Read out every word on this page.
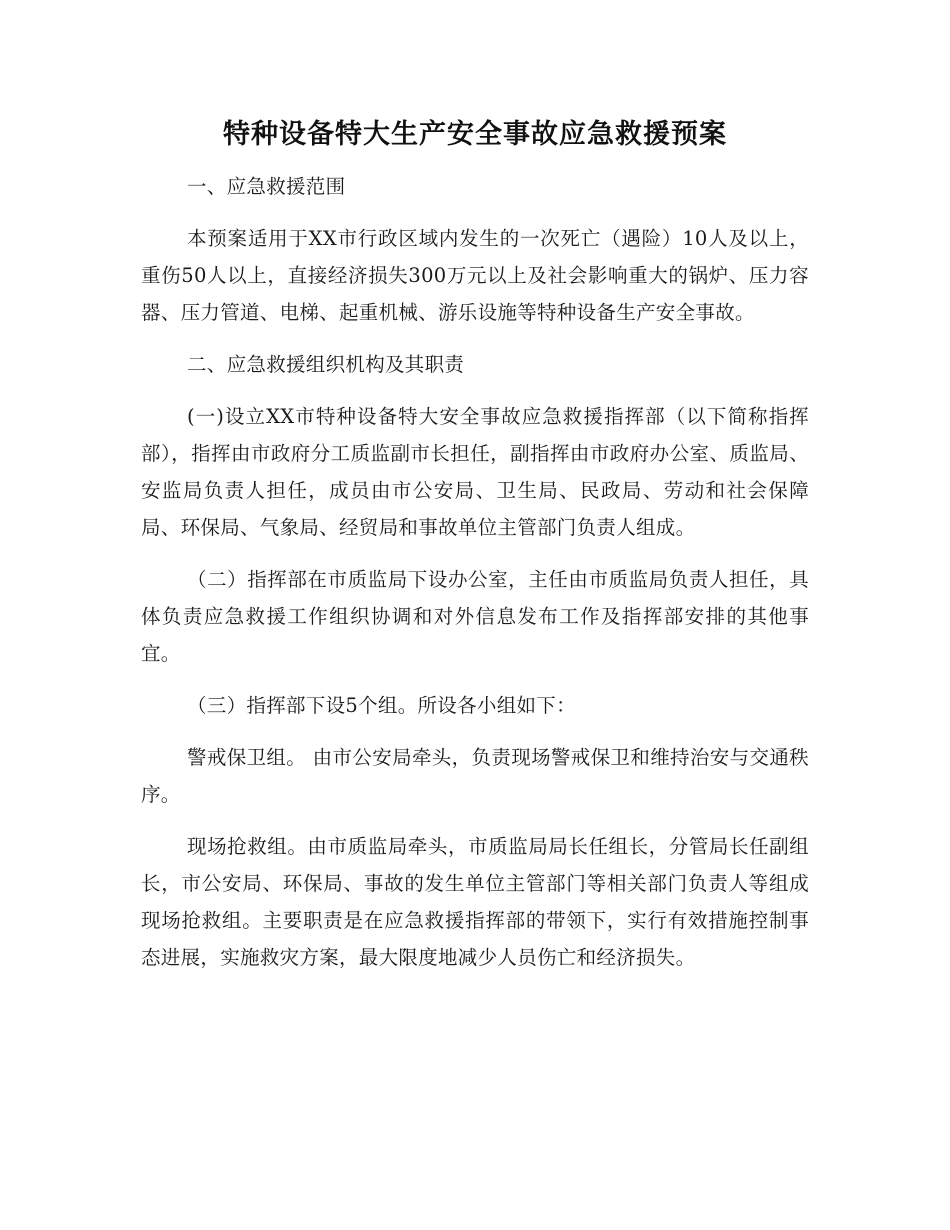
特种设备特大生产安全事故应急救援预案

一、应急救援范围

本预案适用于XX市行政区域内发生的一次死亡（遇险）10人及以上，重伤50人以上，直接经济损失300万元以上及社会影响重大的锅炉、压力容器、压力管道、电梯、起重机械、游乐设施等特种设备生产安全事故。

二、应急救援组织机构及其职责

(一)设立XX市特种设备特大安全事故应急救援指挥部（以下简称指挥部），指挥由市政府分工质监副市长担任，副指挥由市政府办公室、质监局、安监局负责人担任，成员由市公安局、卫生局、民政局、劳动和社会保障局、环保局、气象局、经贸局和事故单位主管部门负责人组成。

（二）指挥部在市质监局下设办公室，主任由市质监局负责人担任，具体负责应急救援工作组织协调和对外信息发布工作及指挥部安排的其他事宜。

（三）指挥部下设5个组。所设各小组如下：

警戒保卫组。 由市公安局牵头，负责现场警戒保卫和维持治安与交通秩序。

现场抢救组。由市质监局牵头，市质监局局长任组长，分管局长任副组长，市公安局、环保局、事故的发生单位主管部门等相关部门负责人等组成现场抢救组。主要职责是在应急救援指挥部的带领下，实行有效措施控制事态进展，实施救灾方案，最大限度地减少人员伤亡和经济损失。
